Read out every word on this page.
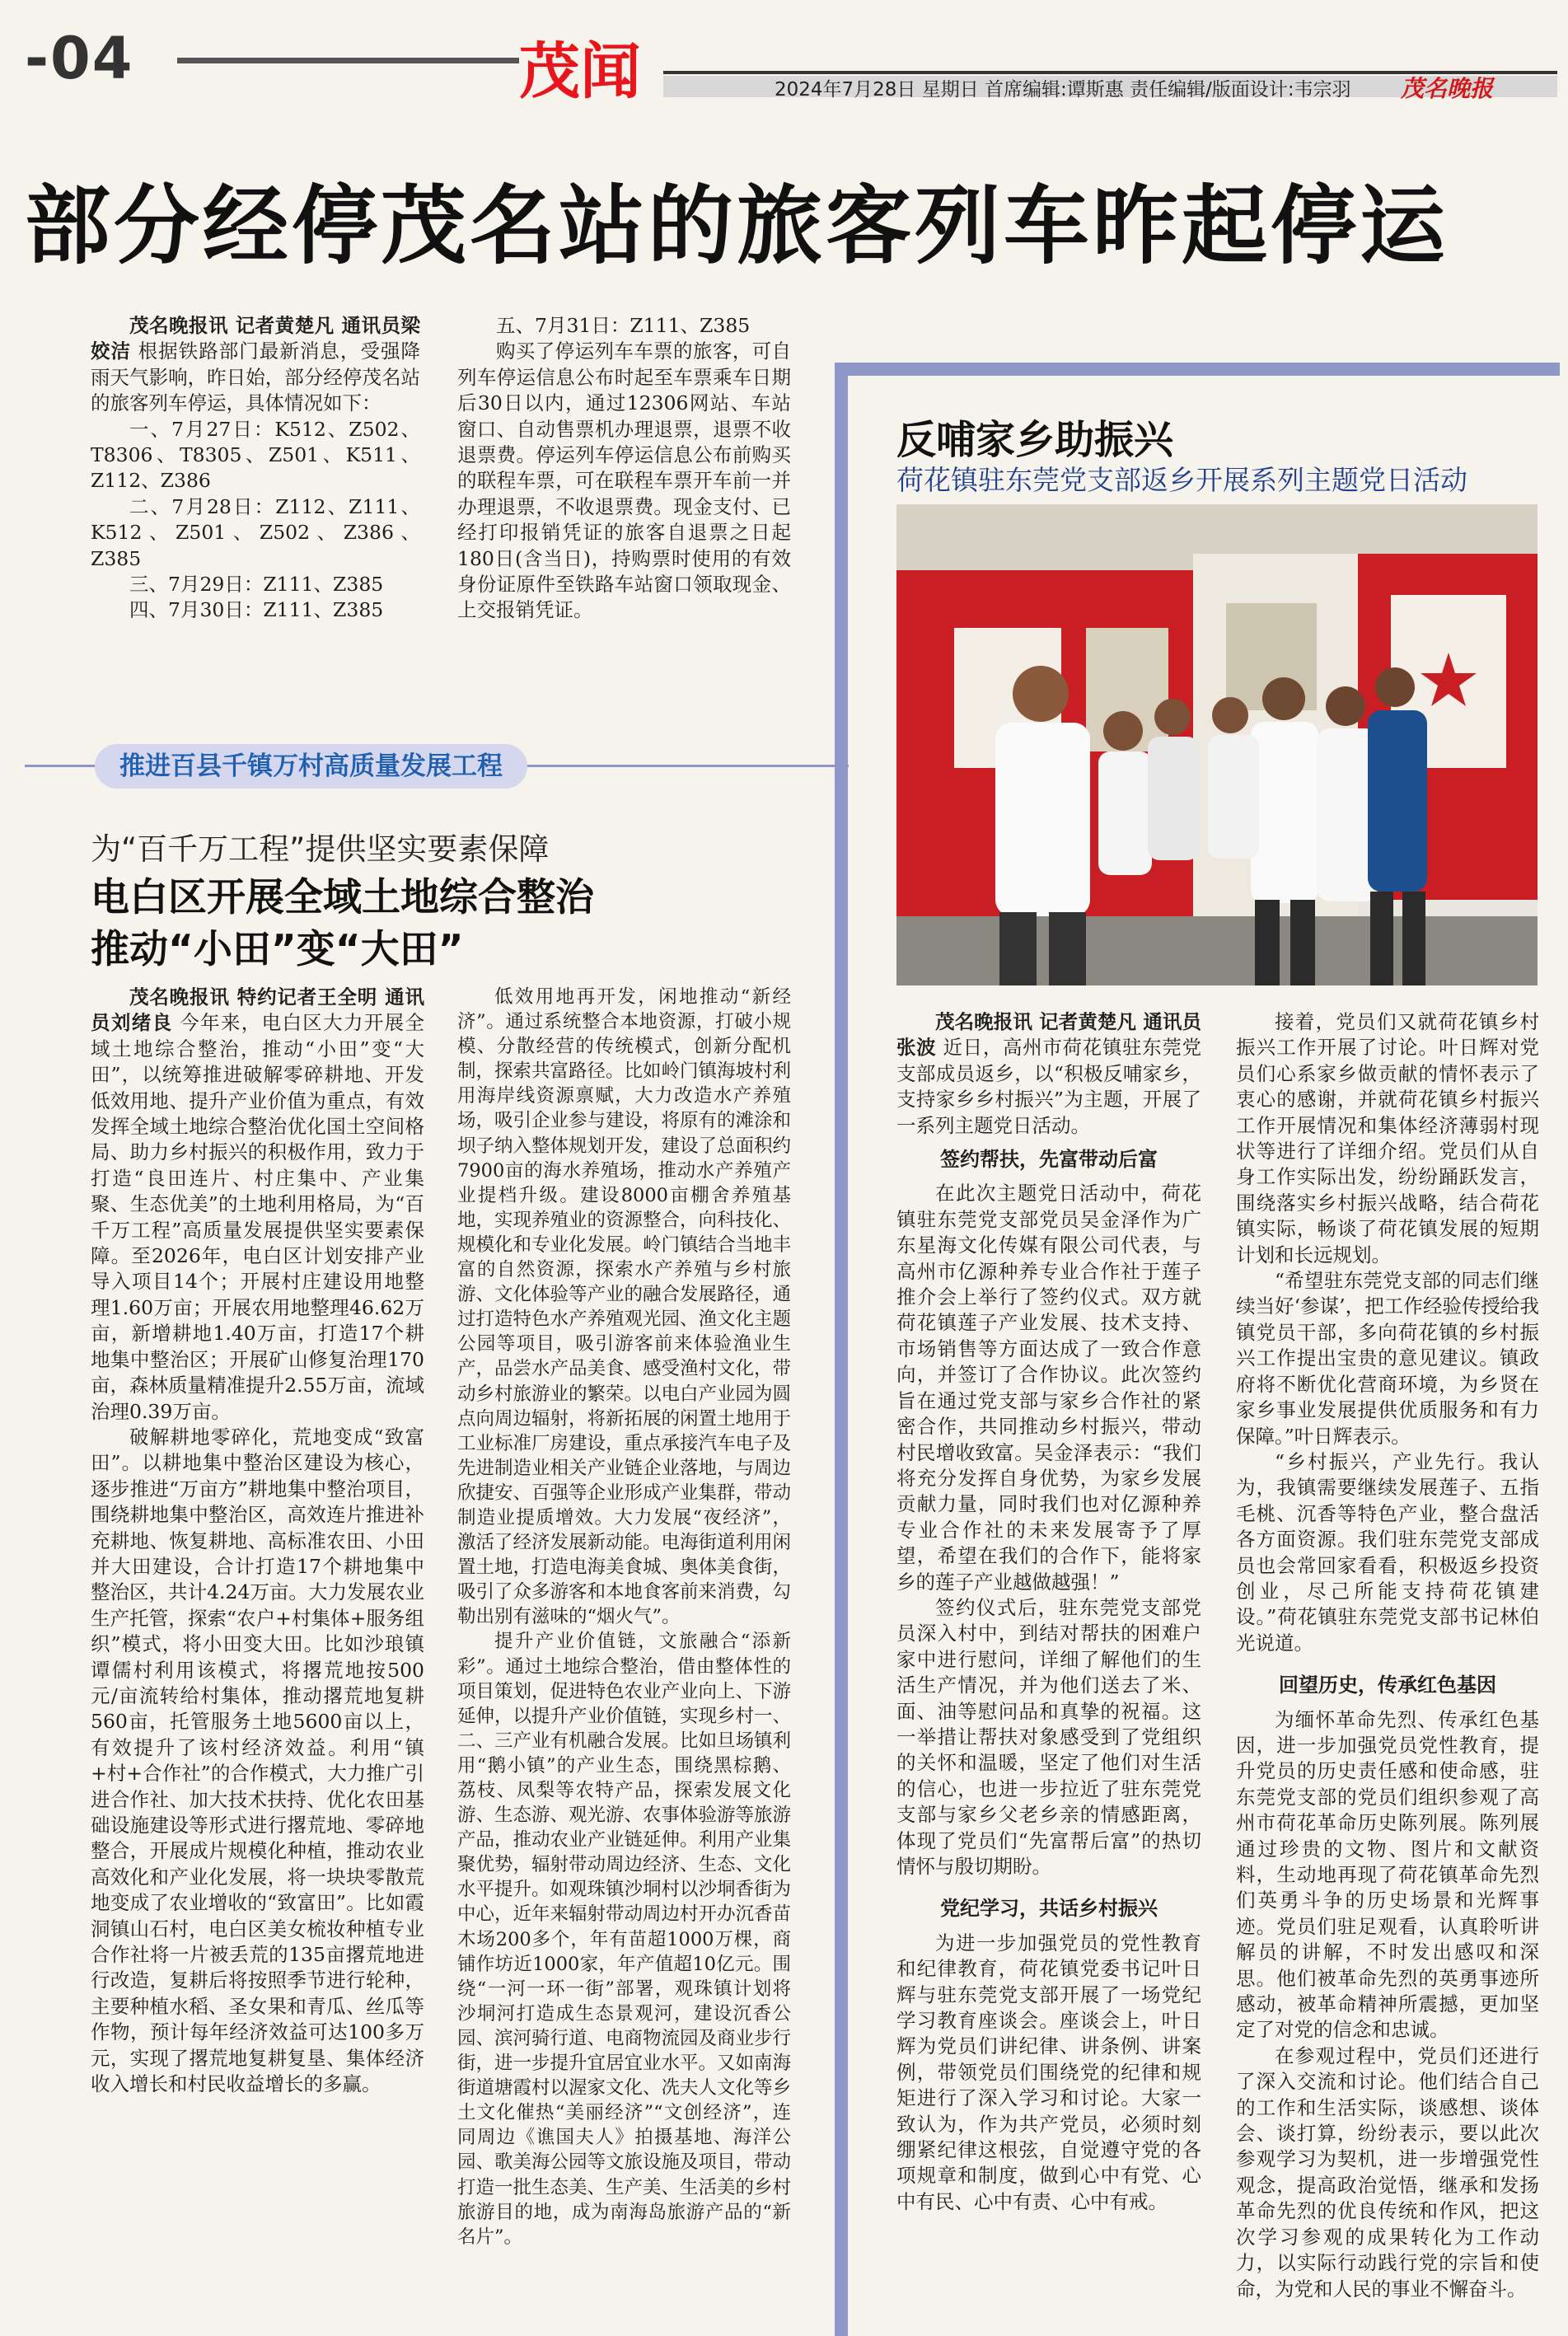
-04	茂闻	2024年7月28日 星期日 首席编辑:谭斯惠 责任编辑/版面设计:韦宗羽 茂名晚报
部分经停茂名站的旅客列车昨起停运

茂名晚报讯 记者黄楚凡 通讯员梁姣洁 根据铁路部门最新消息，受强降雨天气影响，昨日始，部分经停茂名站的旅客列车停运，具体情况如下：

一、7月27日：K512、Z502、T8306、T8305、Z501、K511、Z112、Z386

二、7月28日：Z112、Z111、K512、Z501、Z502、Z386、Z385

三、7月29日：Z111、Z385

四、7月30日：Z111、Z385

五、7月31日：Z111、Z385

购买了停运列车车票的旅客，可自列车停运信息公布时起至车票乘车日期后30日以内，通过12306网站、车站窗口、自动售票机办理退票，退票不收退票费。停运列车停运信息公布前购买的联程车票，可在联程车票开车前一并办理退票，不收退票费。现金支付、已经打印报销凭证的旅客自退票之日起180日(含当日)，持购票时使用的有效身份证原件至铁路车站窗口领取现金、上交报销凭证。

推进百县千镇万村高质量发展工程
为“百千万工程”提供坚实要素保障
电白区开展全域土地综合整治
推动“小田”变“大田”

茂名晚报讯 特约记者王全明 通讯员刘绪良 今年来，电白区大力开展全域土地综合整治，推动“小田”变“大田”，以统筹推进破解零碎耕地、开发低效用地、提升产业价值为重点，有效发挥全域土地综合整治优化国土空间格局、助力乡村振兴的积极作用，致力于打造“良田连片、村庄集中、产业集聚、生态优美”的土地利用格局，为“百千万工程”高质量发展提供坚实要素保障。至2026年，电白区计划安排产业导入项目14个；开展村庄建设用地整理1.60万亩；开展农用地整理46.62万亩，新增耕地1.40万亩，打造17个耕地集中整治区；开展矿山修复治理170亩，森林质量精准提升2.55万亩，流域治理0.39万亩。

破解耕地零碎化，荒地变成“致富田”。以耕地集中整治区建设为核心，逐步推进“万亩方”耕地集中整治项目，围绕耕地集中整治区，高效连片推进补充耕地、恢复耕地、高标准农田、小田并大田建设，合计打造17个耕地集中整治区，共计4.24万亩。大力发展农业生产托管，探索“农户+村集体+服务组织”模式，将小田变大田。比如沙琅镇谭儒村利用该模式，将撂荒地按500元/亩流转给村集体，推动撂荒地复耕560亩，托管服务土地5600亩以上，有效提升了该村经济效益。利用“镇+村+合作社”的合作模式，大力推广引进合作社、加大技术扶持、优化农田基础设施建设等形式进行撂荒地、零碎地整合，开展成片规模化种植，推动农业高效化和产业化发展，将一块块零散荒地变成了农业增收的“致富田”。比如霞洞镇山石村，电白区美女梳妆种植专业合作社将一片被丢荒的135亩撂荒地进行改造，复耕后将按照季节进行轮种，主要种植水稻、圣女果和青瓜、丝瓜等作物，预计每年经济效益可达100多万元，实现了撂荒地复耕复垦、集体经济收入增长和村民收益增长的多赢。

低效用地再开发，闲地推动“新经济”。通过系统整合本地资源，打破小规模、分散经营的传统模式，创新分配机制，探索共富路径。比如岭门镇海坡村利用海岸线资源禀赋，大力改造水产养殖场，吸引企业参与建设，将原有的滩涂和坝子纳入整体规划开发，建设了总面积约7900亩的海水养殖场，推动水产养殖产业提档升级。建设8000亩棚舍养殖基地，实现养殖业的资源整合，向科技化、规模化和专业化发展。岭门镇结合当地丰富的自然资源，探索水产养殖与乡村旅游、文化体验等产业的融合发展路径，通过打造特色水产养殖观光园、渔文化主题公园等项目，吸引游客前来体验渔业生产，品尝水产品美食、感受渔村文化，带动乡村旅游业的繁荣。以电白产业园为圆点向周边辐射，将新拓展的闲置土地用于工业标准厂房建设，重点承接汽车电子及先进制造业相关产业链企业落地，与周边欣捷安、百强等企业形成产业集群，带动制造业提质增效。大力发展“夜经济”，激活了经济发展新动能。电海街道利用闲置土地，打造电海美食城、奥体美食街，吸引了众多游客和本地食客前来消费，勾勒出别有滋味的“烟火气”。

提升产业价值链，文旅融合“添新彩”。通过土地综合整治，借由整体性的项目策划，促进特色农业产业向上、下游延伸，以提升产业价值链，实现乡村一、二、三产业有机融合发展。比如旦场镇利用“鹅小镇”的产业生态，围绕黑棕鹅、荔枝、凤梨等农特产品，探索发展文化游、生态游、观光游、农事体验游等旅游产品，推动农业产业链延伸。利用产业集聚优势，辐射带动周边经济、生态、文化水平提升。如观珠镇沙垌村以沙垌香街为中心，近年来辐射带动周边村开办沉香苗木场200多个，年有苗超1000万棵，商铺作坊近1000家，年产值超10亿元。围绕“一河一环一街”部署，观珠镇计划将沙垌河打造成生态景观河，建设沉香公园、滨河骑行道、电商物流园及商业步行街，进一步提升宜居宜业水平。又如南海街道塘霞村以渥家文化、冼夫人文化等乡土文化催热“美丽经济”“文创经济”，连同周边《谯国夫人》拍摄基地、海洋公园、歌美海公园等文旅设施及项目，带动打造一批生态美、生产美、生活美的乡村旅游目的地，成为南海岛旅游产品的“新名片”。

反哺家乡助振兴
荷花镇驻东莞党支部返乡开展系列主题党日活动

茂名晚报讯 记者黄楚凡 通讯员张波 近日，高州市荷花镇驻东莞党支部成员返乡，以“积极反哺家乡，支持家乡乡村振兴”为主题，开展了一系列主题党日活动。

签约帮扶，先富带动后富

在此次主题党日活动中，荷花镇驻东莞党支部党员吴金泽作为广东星海文化传媒有限公司代表，与高州市亿源种养专业合作社于莲子推介会上举行了签约仪式。双方就荷花镇莲子产业发展、技术支持、市场销售等方面达成了一致合作意向，并签订了合作协议。此次签约旨在通过党支部与家乡合作社的紧密合作，共同推动乡村振兴，带动村民增收致富。吴金泽表示：“我们将充分发挥自身优势，为家乡发展贡献力量，同时我们也对亿源种养专业合作社的未来发展寄予了厚望，希望在我们的合作下，能将家乡的莲子产业越做越强！”

签约仪式后，驻东莞党支部党员深入村中，到结对帮扶的困难户家中进行慰问，详细了解他们的生活生产情况，并为他们送去了米、面、油等慰问品和真挚的祝福。这一举措让帮扶对象感受到了党组织的关怀和温暖，坚定了他们对生活的信心，也进一步拉近了驻东莞党支部与家乡父老乡亲的情感距离，体现了党员们“先富帮后富”的热切情怀与殷切期盼。

党纪学习，共话乡村振兴

为进一步加强党员的党性教育和纪律教育，荷花镇党委书记叶日辉与驻东莞党支部开展了一场党纪学习教育座谈会。座谈会上，叶日辉为党员们讲纪律、讲条例、讲案例，带领党员们围绕党的纪律和规矩进行了深入学习和讨论。大家一致认为，作为共产党员，必须时刻绷紧纪律这根弦，自觉遵守党的各项规章和制度，做到心中有党、心中有民、心中有责、心中有戒。

接着，党员们又就荷花镇乡村振兴工作开展了讨论。叶日辉对党员们心系家乡做贡献的情怀表示了衷心的感谢，并就荷花镇乡村振兴工作开展情况和集体经济薄弱村现状等进行了详细介绍。党员们从自身工作实际出发，纷纷踊跃发言，围绕落实乡村振兴战略，结合荷花镇实际，畅谈了荷花镇发展的短期计划和长远规划。

“希望驻东莞党支部的同志们继续当好‘参谋’，把工作经验传授给我镇党员干部，多向荷花镇的乡村振兴工作提出宝贵的意见建议。镇政府将不断优化营商环境，为乡贤在家乡事业发展提供优质服务和有力保障。”叶日辉表示。

“乡村振兴，产业先行。我认为，我镇需要继续发展莲子、五指毛桃、沉香等特色产业，整合盘活各方面资源。我们驻东莞党支部成员也会常回家看看，积极返乡投资创业，尽己所能支持荷花镇建设。”荷花镇驻东莞党支部书记林伯光说道。

回望历史，传承红色基因

为缅怀革命先烈、传承红色基因，进一步加强党员党性教育，提升党员的历史责任感和使命感，驻东莞党支部的党员们组织参观了高州市荷花革命历史陈列展。陈列展通过珍贵的文物、图片和文献资料，生动地再现了荷花镇革命先烈们英勇斗争的历史场景和光辉事迹。党员们驻足观看，认真聆听讲解员的讲解，不时发出感叹和深思。他们被革命先烈的英勇事迹所感动，被革命精神所震撼，更加坚定了对党的信念和忠诚。

在参观过程中，党员们还进行了深入交流和讨论。他们结合自己的工作和生活实际，谈感想、谈体会、谈打算，纷纷表示，要以此次参观学习为契机，进一步增强党性观念，提高政治觉悟，继承和发扬革命先烈的优良传统和作风，把这次学习参观的成果转化为工作动力，以实际行动践行党的宗旨和使命，为党和人民的事业不懈奋斗。
